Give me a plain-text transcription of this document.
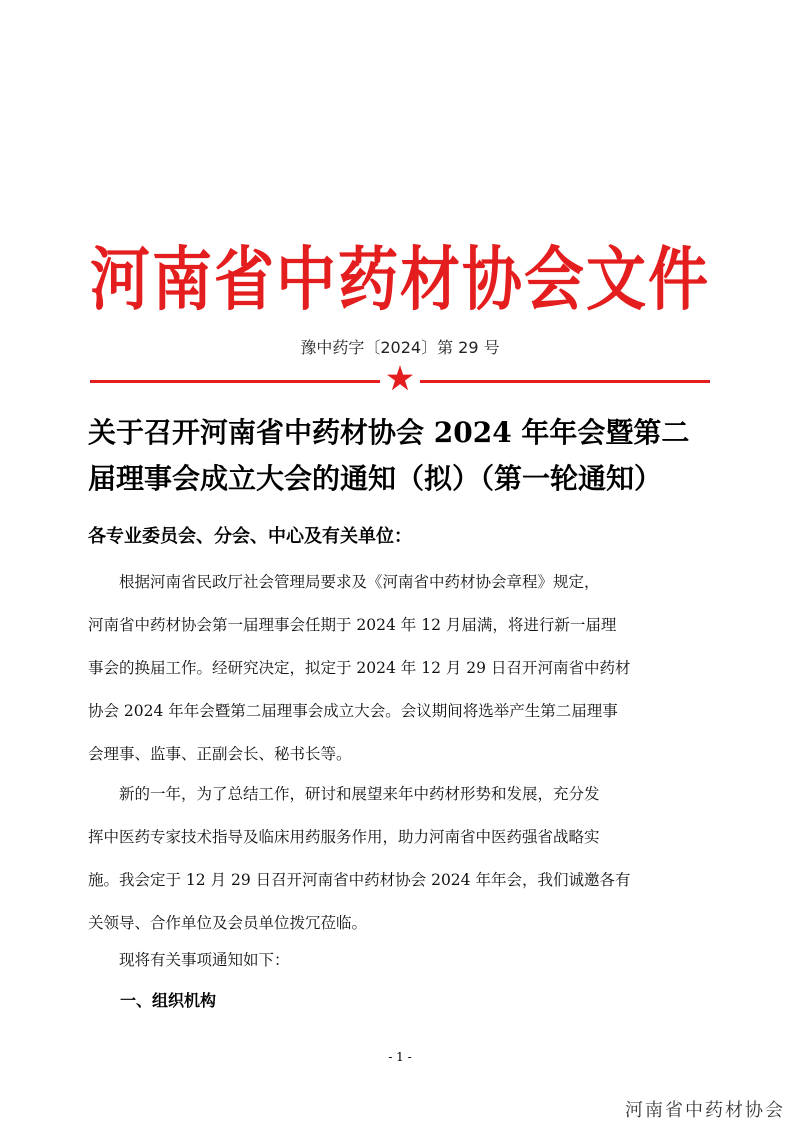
河南省中药材协会文件
豫中药字〔2024〕第 29 号
关于召开河南省中药材协会 2024 年年会暨第二
届理事会成立大会的通知（拟）（第一轮通知）
各专业委员会、分会、中心及有关单位：
　　根据河南省民政厅社会管理局要求及《河南省中药材协会章程》规定，
河南省中药材协会第一届理事会任期于 2024 年 12 月届满，将进行新一届理
事会的换届工作。经研究决定，拟定于 2024 年 12 月 29 日召开河南省中药材
协会 2024 年年会暨第二届理事会成立大会。会议期间将选举产生第二届理事
会理事、监事、正副会长、秘书长等。
　　新的一年，为了总结工作，研讨和展望来年中药材形势和发展，充分发
挥中医药专家技术指导及临床用药服务作用，助力河南省中医药强省战略实
施。我会定于 12 月 29 日召开河南省中药材协会 2024 年年会，我们诚邀各有
关领导、合作单位及会员单位拨冗莅临。
　　现将有关事项通知如下：
一、组织机构
- 1 -
河南省中药材协会
